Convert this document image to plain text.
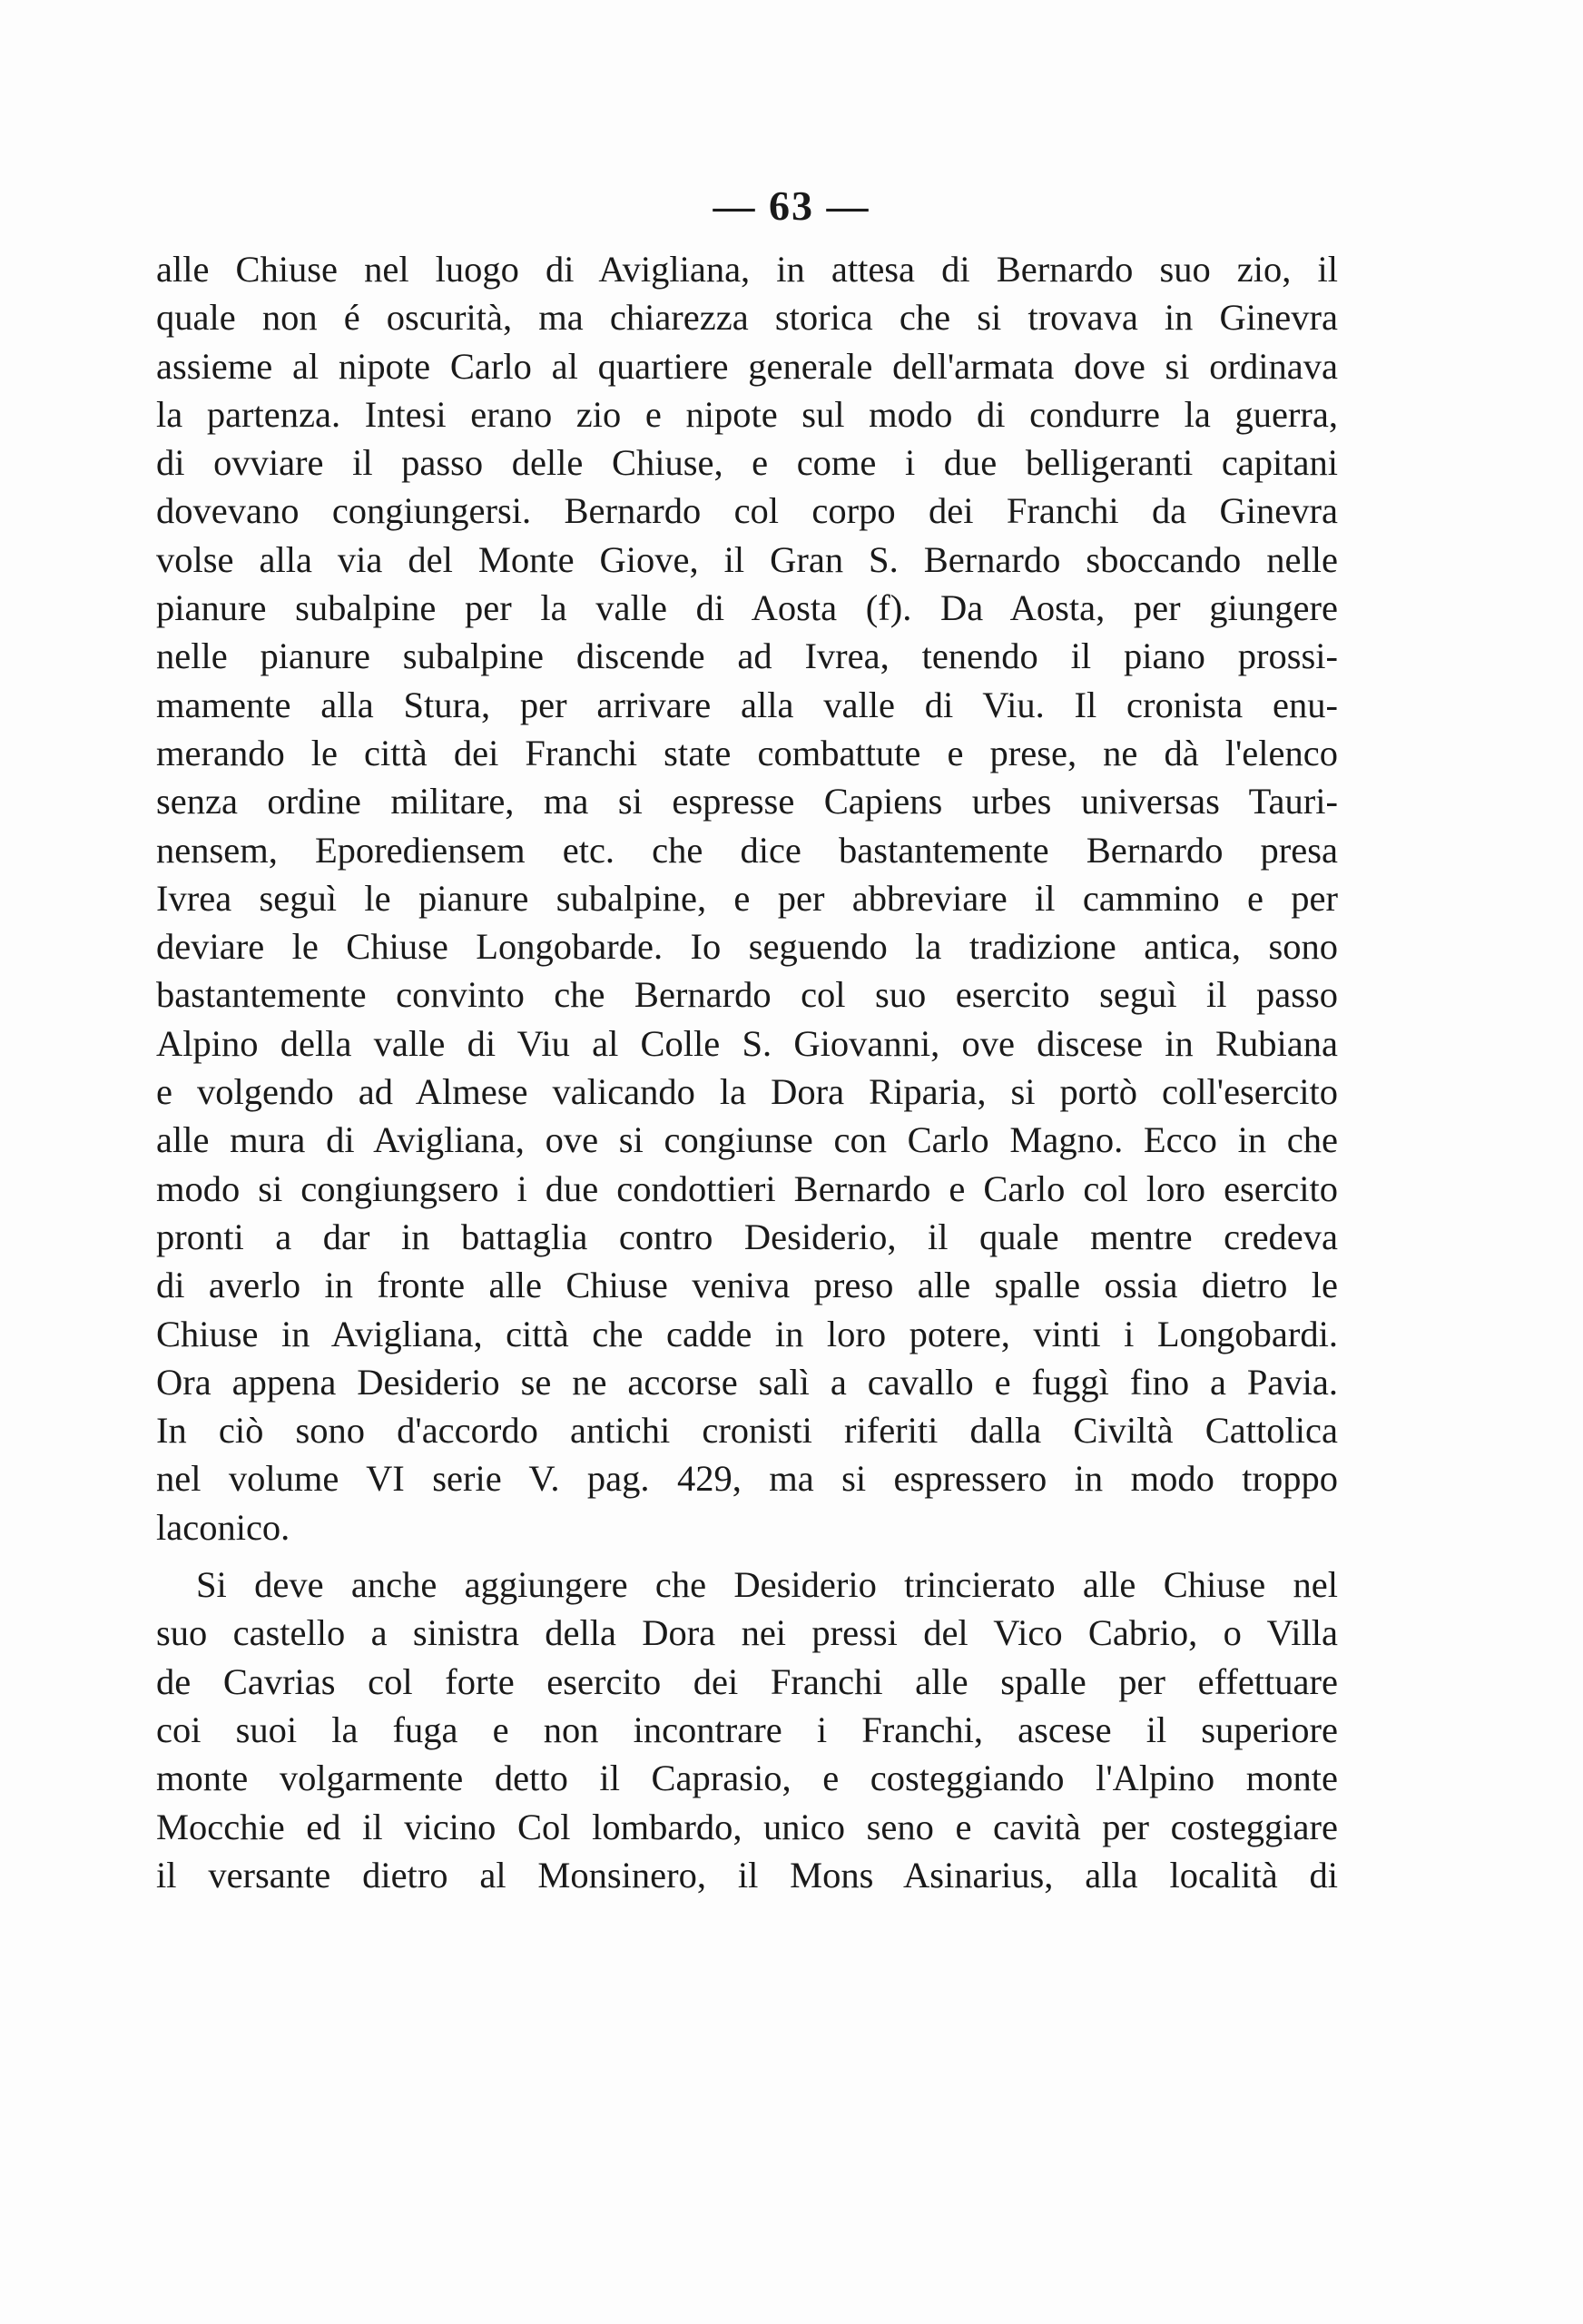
— 63 —
alle Chiuse nel luogo di Avigliana, in attesa di Bernardo suo zio, il
quale non é oscurità, ma chiarezza storica che si trovava in Ginevra
assieme al nipote Carlo al quartiere generale dell'armata dove si ordinava
la partenza. Intesi erano zio e nipote sul modo di condurre la guerra,
di ovviare il passo delle Chiuse, e come i due belligeranti capitani
dovevano congiungersi. Bernardo col corpo dei Franchi da Ginevra
volse alla via del Monte Giove, il Gran S. Bernardo sboccando nelle
pianure subalpine per la valle di Aosta (f). Da Aosta, per giungere
nelle pianure subalpine discende ad Ivrea, tenendo il piano prossi-
mamente alla Stura, per arrivare alla valle di Viu. Il cronista enu-
merando le città dei Franchi state combattute e prese, ne dà l'elenco
senza ordine militare, ma si espresse Capiens urbes universas Tauri-
nensem, Eporediensem etc. che dice bastantemente Bernardo presa
Ivrea seguì le pianure subalpine, e per abbreviare il cammino e per
deviare le Chiuse Longobarde. Io seguendo la tradizione antica, sono
bastantemente convinto che Bernardo col suo esercito seguì il passo
Alpino della valle di Viu al Colle S. Giovanni, ove discese in Rubiana
e volgendo ad Almese valicando la Dora Riparia, si portò coll'esercito
alle mura di Avigliana, ove si congiunse con Carlo Magno. Ecco in che
modo si congiungsero i due condottieri Bernardo e Carlo col loro esercito
pronti a dar in battaglia contro Desiderio, il quale mentre credeva
di averlo in fronte alle Chiuse veniva preso alle spalle ossia dietro le
Chiuse in Avigliana, città che cadde in loro potere, vinti i Longobardi.
Ora appena Desiderio se ne accorse salì a cavallo e fuggì fino a Pavia.
In ciò sono d'accordo antichi cronisti riferiti dalla Civiltà Cattolica
nel volume VI serie V. pag. 429, ma si espressero in modo troppo
laconico.
Si deve anche aggiungere che Desiderio trincierato alle Chiuse nel
suo castello a sinistra della Dora nei pressi del Vico Cabrio, o Villa
de Cavrias col forte esercito dei Franchi alle spalle per effettuare
coi suoi la fuga e non incontrare i Franchi, ascese il superiore
monte volgarmente detto il Caprasio, e costeggiando l'Alpino monte
Mocchie ed il vicino Col lombardo, unico seno e cavità per costeggiare
il versante dietro al Monsinero, il Mons Asinarius, alla località di
